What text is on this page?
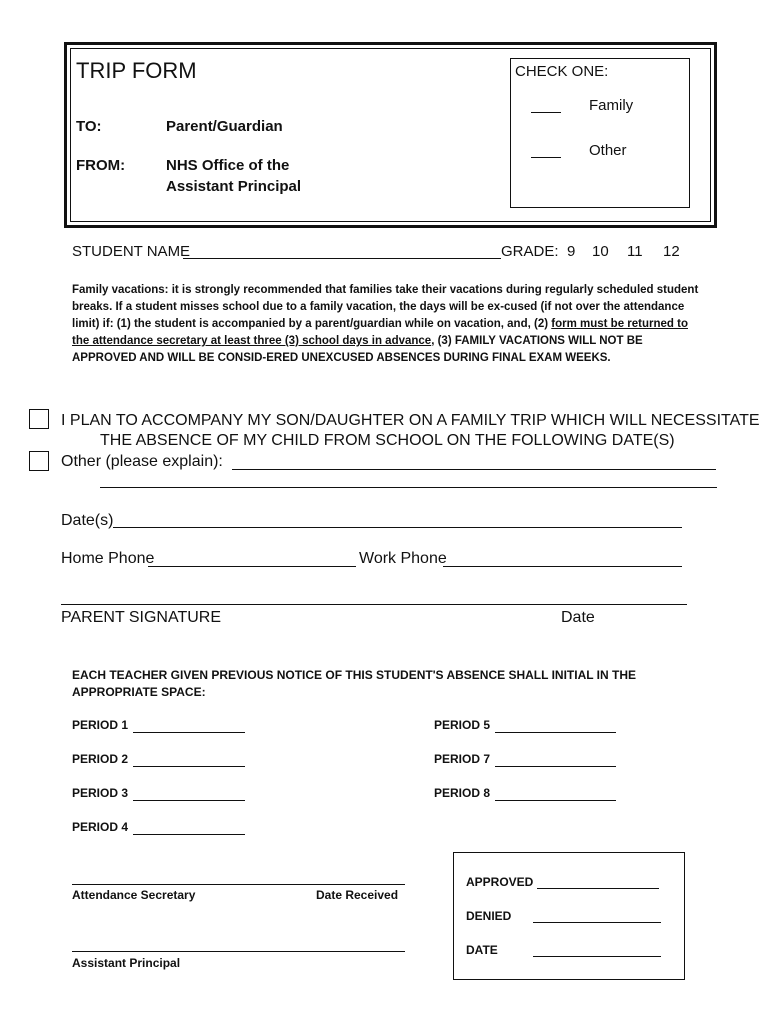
TRIP FORM
TO:	Parent/Guardian
FROM:	NHS Office of the
Assistant Principal
CHECK ONE:
Family
Other
STUDENT NAME	GRADE: 9 10 11 12
Family vacations: it is strongly recommended that families take their vacations during regularly scheduled student breaks. If a student misses school due to a family vacation, the days will be ex-cused (if not over the attendance limit) if: (1) the student is accompanied by a parent/guardian while on vacation, and, (2) form must be returned to the attendance secretary at least three (3) school days in advance, (3) FAMILY VACATIONS WILL NOT BE APPROVED AND WILL BE CONSID-ERED UNEXCUSED ABSENCES DURING FINAL EXAM WEEKS.
I PLAN TO ACCOMPANY MY SON/DAUGHTER ON A FAMILY TRIP WHICH WILL NECESSITATE
THE ABSENCE OF MY CHILD FROM SCHOOL ON THE FOLLOWING DATE(S)
Other (please explain):
Date(s)
Home Phone	Work Phone
PARENT SIGNATURE	Date
EACH TEACHER GIVEN PREVIOUS NOTICE OF THIS STUDENT'S ABSENCE SHALL INITIAL IN THE
APPROPRIATE SPACE:
PERIOD 1
PERIOD 2
PERIOD 3
PERIOD 4
PERIOD 5
PERIOD 7
PERIOD 8
Attendance Secretary	Date Received
Assistant Principal
APPROVED
DENIED
DATE
